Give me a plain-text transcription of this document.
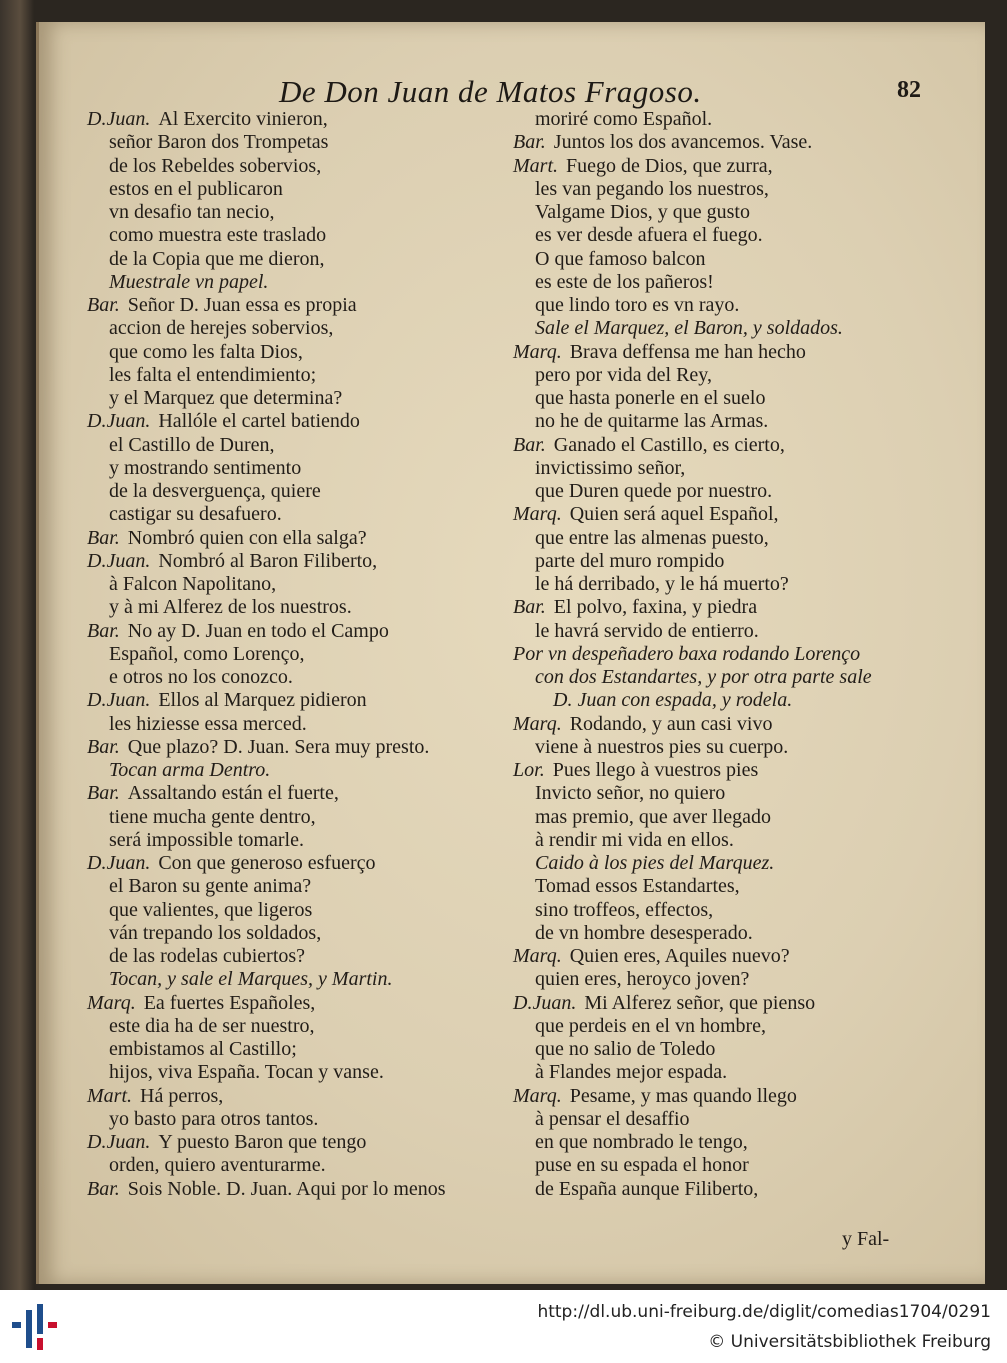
De Don Juan de Matos Fragoso.	82
D.Juan. Al Exercito vinieron,
señor Baron dos Trompetas
de los Rebeldes sobervios,
estos en el publicaron
vn desafio tan necio,
como muestra este traslado
de la Copia que me dieron,
Muestrale vn papel.
Bar. Señor D. Juan essa es propia
accion de herejes sobervios,
que como les falta Dios,
les falta el entendimiento;
y el Marquez que determina?
D.Juan. Hallóle el cartel batiendo
el Castillo de Duren,
y mostrando sentimento
de la desverguença, quiere
castigar su desafuero.
Bar. Nombró quien con ella salga?
D.Juan. Nombró al Baron Filiberto,
à Falcon Napolitano,
y à mi Alferez de los nuestros.
Bar. No ay D. Juan en todo el Campo
Español, como Lorenço,
e otros no los conozco.
D.Juan. Ellos al Marquez pidieron
les hiziesse essa merced.
Bar. Que plazo? D. Juan. Sera muy presto.
Tocan arma Dentro.
Bar. Assaltando están el fuerte,
tiene mucha gente dentro,
será impossible tomarle.
D.Juan. Con que generoso esfuerço
el Baron su gente anima?
que valientes, que ligeros
ván trepando los soldados,
de las rodelas cubiertos?
Tocan, y sale el Marques, y Martin.
Marq. Ea fuertes Españoles,
este dia ha de ser nuestro,
embistamos al Castillo;
hijos, viva España. Tocan y vanse.
Mart. Há perros,
yo basto para otros tantos.
D.Juan. Y puesto Baron que tengo
orden, quiero aventurarme.
Bar. Sois Noble. D. Juan. Aqui por lo menos
moriré como Español.
Bar. Juntos los dos avancemos. Vase.
Mart. Fuego de Dios, que zurra,
les van pegando los nuestros,
Valgame Dios, y que gusto
es ver desde afuera el fuego.
O que famoso balcon
es este de los pañeros!
que lindo toro es vn rayo.
Sale el Marquez, el Baron, y soldados.
Marq. Brava deffensa me han hecho
pero por vida del Rey,
que hasta ponerle en el suelo
no he de quitarme las Armas.
Bar. Ganado el Castillo, es cierto,
invictissimo señor,
que Duren quede por nuestro.
Marq. Quien será aquel Español,
que entre las almenas puesto,
parte del muro rompido
le há derribado, y le há muerto?
Bar. El polvo, faxina, y piedra
le havrá servido de entierro.
Por vn despeñadero baxa rodando Lorenço
con dos Estandartes, y por otra parte sale
D. Juan con espada, y rodela.
Marq. Rodando, y aun casi vivo
viene à nuestros pies su cuerpo.
Lor. Pues llego à vuestros pies
Invicto señor, no quiero
mas premio, que aver llegado
à rendir mi vida en ellos.
Caido à los pies del Marquez.
Tomad essos Estandartes,
sino troffeos, effectos,
de vn hombre desesperado.
Marq. Quien eres, Aquiles nuevo?
quien eres, heroyco joven?
D.Juan. Mi Alferez señor, que pienso
que perdeis en el vn hombre,
que no salio de Toledo
à Flandes mejor espada.
Marq. Pesame, y mas quando llego
à pensar el desaffio
en que nombrado le tengo,
puse en su espada el honor
de España aunque Filiberto,
y Fal-
http://dl.ub.uni-freiburg.de/diglit/comedias1704/0291
© Universitätsbibliothek Freiburg
